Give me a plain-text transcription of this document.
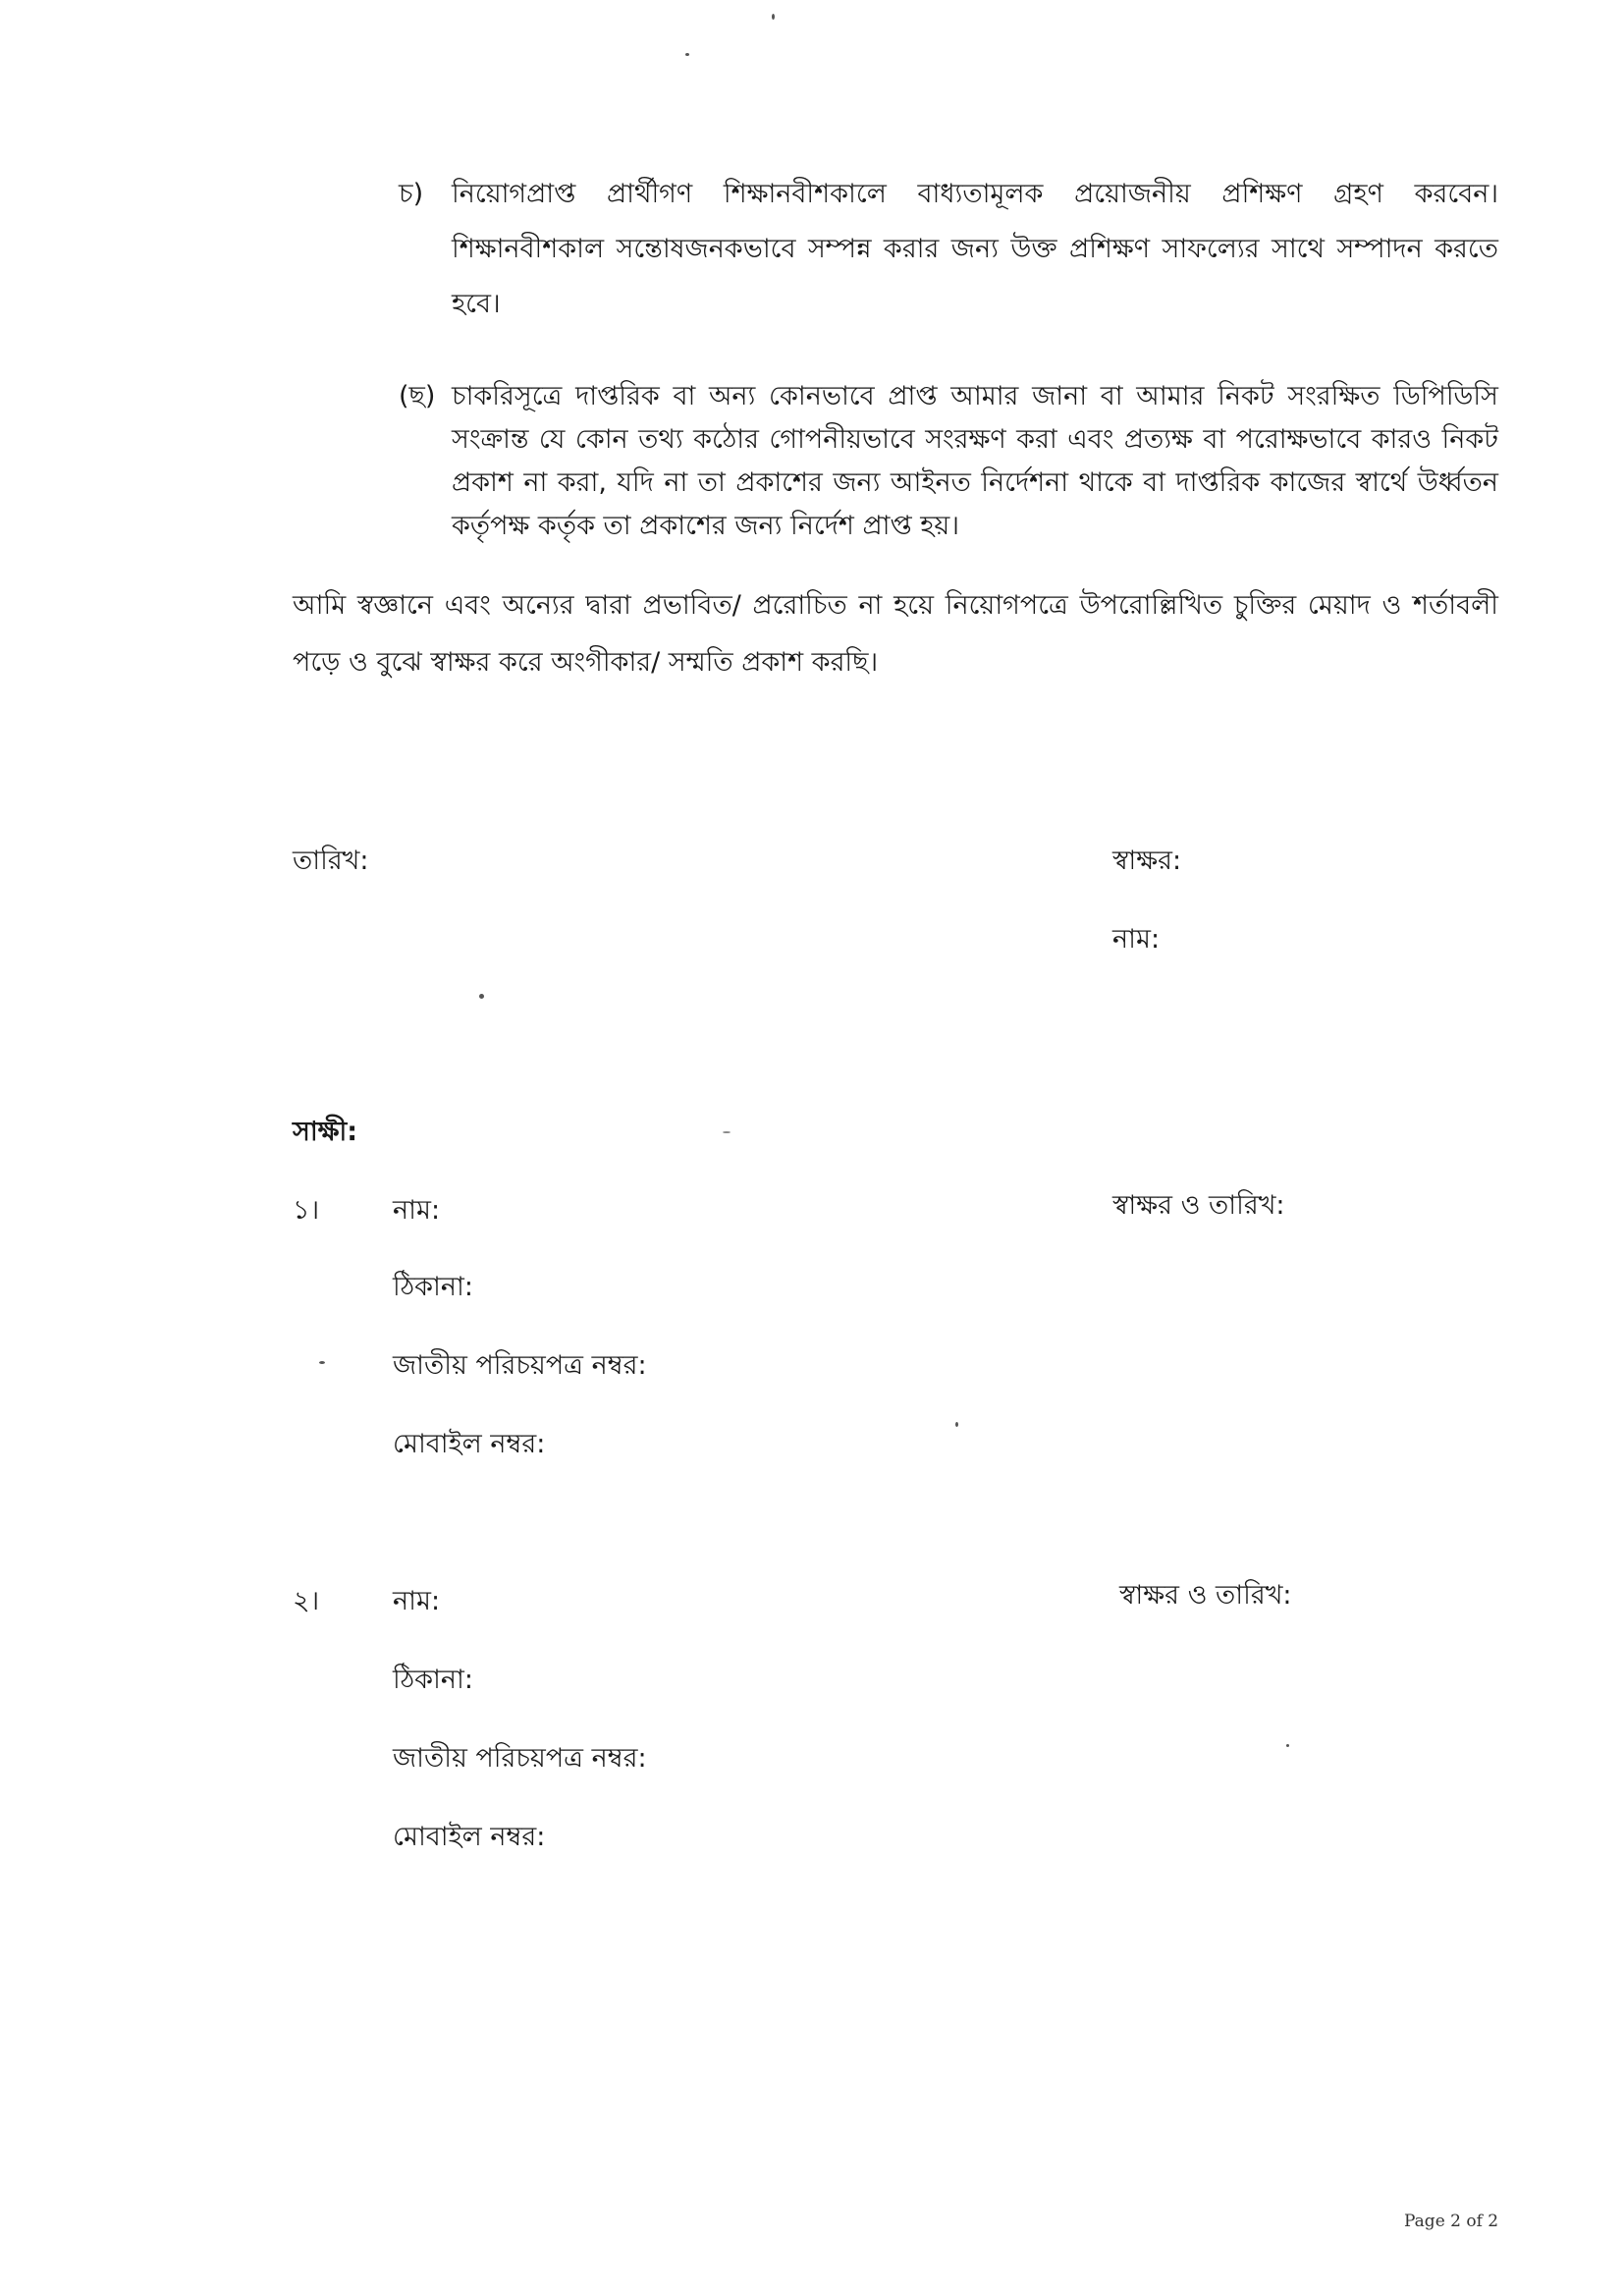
চ) নিয়োগপ্রাপ্ত প্রার্থীগণ শিক্ষানবীশকালে বাধ্যতামূলক প্রয়োজনীয় প্রশিক্ষণ গ্রহণ করবেন। শিক্ষানবীশকাল সন্তোষজনকভাবে সম্পন্ন করার জন্য উক্ত প্রশিক্ষণ সাফল্যের সাথে সম্পাদন করতে হবে।
(ছ) চাকরিসূত্রে দাপ্তরিক বা অন্য কোনভাবে প্রাপ্ত আমার জানা বা আমার নিকট সংরক্ষিত ডিপিডিসি সংক্রান্ত যে কোন তথ্য কঠোর গোপনীয়ভাবে সংরক্ষণ করা এবং প্রত্যক্ষ বা পরোক্ষভাবে কারও নিকট প্রকাশ না করা, যদি না তা প্রকাশের জন্য আইনত নির্দেশনা থাকে বা দাপ্তরিক কাজের স্বার্থে উর্ধ্বতন কর্তৃপক্ষ কর্তৃক তা প্রকাশের জন্য নির্দেশ প্রাপ্ত হয়।
আমি স্বজ্ঞানে এবং অন্যের দ্বারা প্রভাবিত/ প্ররোচিত না হয়ে নিয়োগপত্রে উপরোল্লিখিত চুক্তির মেয়াদ ও শর্তাবলী পড়ে ও বুঝে স্বাক্ষর করে অংগীকার/ সম্মতি প্রকাশ করছি।
তারিখ:	স্বাক্ষর:
নাম:
সাক্ষী:
১।	নাম:	স্বাক্ষর ও তারিখ:
ঠিকানা:
জাতীয় পরিচয়পত্র নম্বর:
মোবাইল নম্বর:
২।	নাম:	স্বাক্ষর ও তারিখ:
ঠিকানা:
জাতীয় পরিচয়পত্র নম্বর:
মোবাইল নম্বর:
Page 2 of 2
